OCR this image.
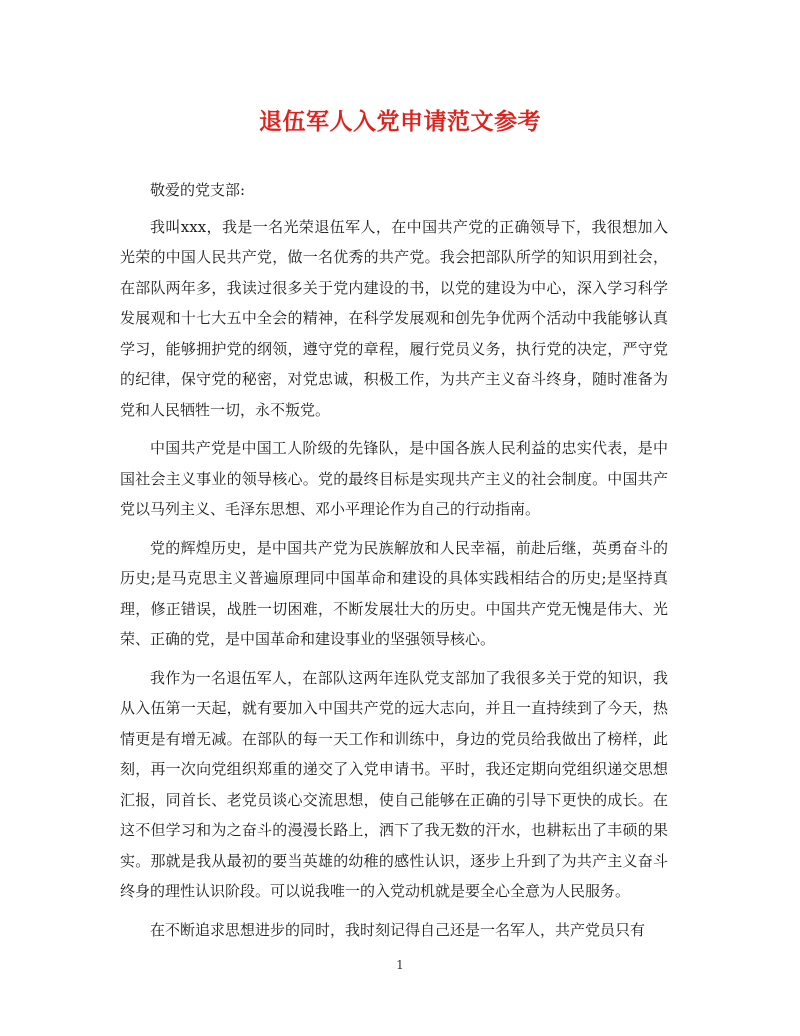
退伍军人入党申请范文参考

敬爱的党支部:

我叫xxx，我是一名光荣退伍军人，在中国共产党的正确领导下，我很想加入光荣的中国人民共产党，做一名优秀的共产党。我会把部队所学的知识用到社会，在部队两年多，我读过很多关于党内建设的书，以党的建设为中心，深入学习科学发展观和十七大五中全会的精神，在科学发展观和创先争优两个活动中我能够认真学习，能够拥护党的纲领，遵守党的章程，履行党员义务，执行党的决定，严守党的纪律，保守党的秘密，对党忠诚，积极工作，为共产主义奋斗终身，随时准备为党和人民牺牲一切，永不叛党。

中国共产党是中国工人阶级的先锋队，是中国各族人民利益的忠实代表，是中国社会主义事业的领导核心。党的最终目标是实现共产主义的社会制度。中国共产党以马列主义、毛泽东思想、邓小平理论作为自己的行动指南。

党的辉煌历史，是中国共产党为民族解放和人民幸福，前赴后继，英勇奋斗的历史;是马克思主义普遍原理同中国革命和建设的具体实践相结合的历史;是坚持真理，修正错误，战胜一切困难，不断发展壮大的历史。中国共产党无愧是伟大、光荣、正确的党，是中国革命和建设事业的坚强领导核心。

我作为一名退伍军人，在部队这两年连队党支部加了我很多关于党的知识，我从入伍第一天起，就有要加入中国共产党的远大志向，并且一直持续到了今天，热情更是有增无减。在部队的每一天工作和训练中，身边的党员给我做出了榜样，此刻，再一次向党组织郑重的递交了入党申请书。平时，我还定期向党组织递交思想汇报，同首长、老党员谈心交流思想，使自己能够在正确的引导下更快的成长。在这不但学习和为之奋斗的漫漫长路上，洒下了我无数的汗水，也耕耘出了丰硕的果实。那就是我从最初的要当英雄的幼稚的感性认识，逐步上升到了为共产主义奋斗终身的理性认识阶段。可以说我唯一的入党动机就是要全心全意为人民服务。

在不断追求思想进步的同时，我时刻记得自己还是一名军人，共产党员只有

1
